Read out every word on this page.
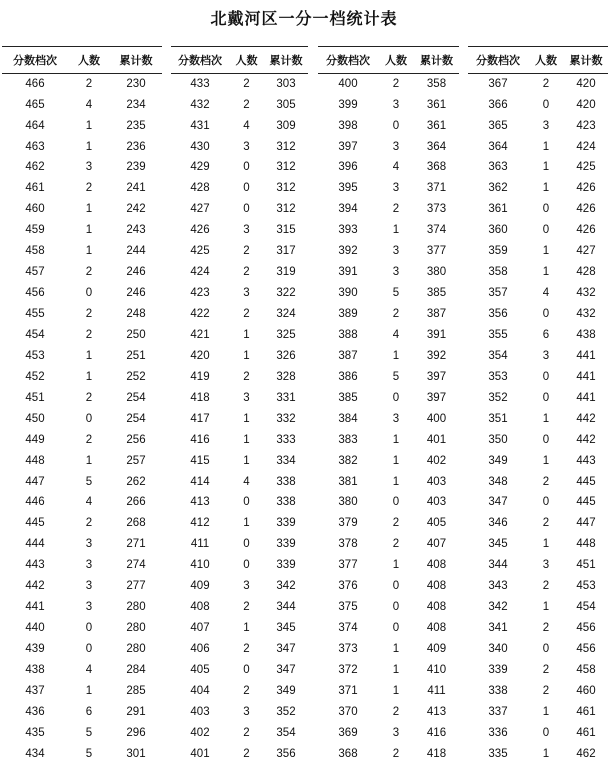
北戴河区一分一档统计表
分数档次	人数	累计数
466	2	230
465	4	234
464	1	235
463	1	236
462	3	239
461	2	241
460	1	242
459	1	243
458	1	244
457	2	246
456	0	246
455	2	248
454	2	250
453	1	251
452	1	252
451	2	254
450	0	254
449	2	256
448	1	257
447	5	262
446	4	266
445	2	268
444	3	271
443	3	274
442	3	277
441	3	280
440	0	280
439	0	280
438	4	284
437	1	285
436	6	291
435	5	296
434	5	301
分数档次	人数	累计数
433	2	303
432	2	305
431	4	309
430	3	312
429	0	312
428	0	312
427	0	312
426	3	315
425	2	317
424	2	319
423	3	322
422	2	324
421	1	325
420	1	326
419	2	328
418	3	331
417	1	332
416	1	333
415	1	334
414	4	338
413	0	338
412	1	339
411	0	339
410	0	339
409	3	342
408	2	344
407	1	345
406	2	347
405	0	347
404	2	349
403	3	352
402	2	354
401	2	356
分数档次	人数	累计数
400	2	358
399	3	361
398	0	361
397	3	364
396	4	368
395	3	371
394	2	373
393	1	374
392	3	377
391	3	380
390	5	385
389	2	387
388	4	391
387	1	392
386	5	397
385	0	397
384	3	400
383	1	401
382	1	402
381	1	403
380	0	403
379	2	405
378	2	407
377	1	408
376	0	408
375	0	408
374	0	408
373	1	409
372	1	410
371	1	411
370	2	413
369	3	416
368	2	418
分数档次	人数	累计数
367	2	420
366	0	420
365	3	423
364	1	424
363	1	425
362	1	426
361	0	426
360	0	426
359	1	427
358	1	428
357	4	432
356	0	432
355	6	438
354	3	441
353	0	441
352	0	441
351	1	442
350	0	442
349	1	443
348	2	445
347	0	445
346	2	447
345	1	448
344	3	451
343	2	453
342	1	454
341	2	456
340	0	456
339	2	458
338	2	460
337	1	461
336	0	461
335	1	462
